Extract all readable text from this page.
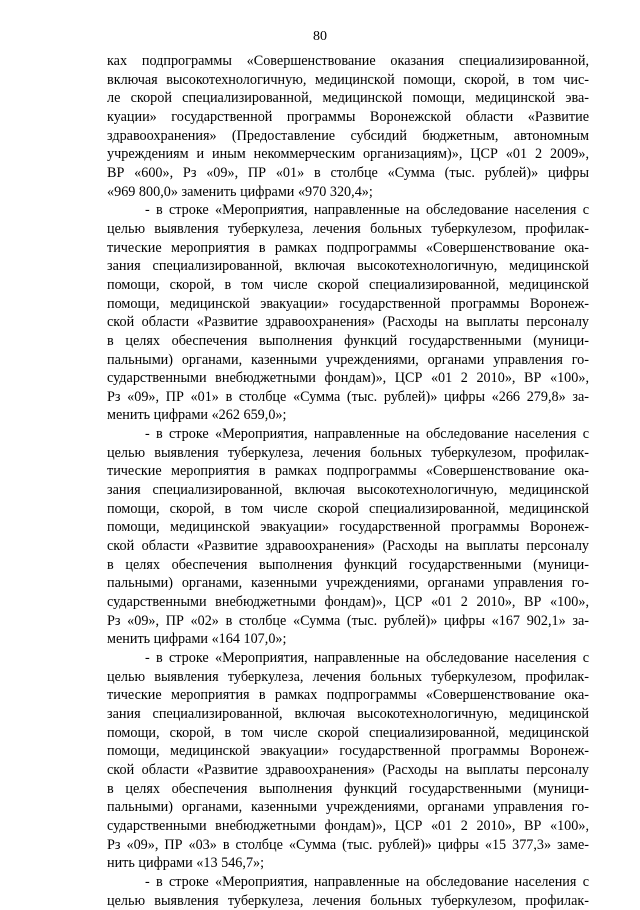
80
ках подпрограммы «Совершенствование оказания специализированной,
включая высокотехнологичную, медицинской помощи, скорой, в том чис-
ле скорой специализированной, медицинской помощи, медицинской эва-
куации» государственной программы Воронежской области «Развитие
здравоохранения» (Предоставление субсидий бюджетным, автономным
учреждениям и иным некоммерческим организациям)», ЦСР «01 2 2009»,
ВР «600», Рз «09», ПР «01» в столбце «Сумма (тыс. рублей)» цифры
«969 800,0» заменить цифрами «970 320,4»;
- в строке «Мероприятия, направленные на обследование населения с
целью выявления туберкулеза, лечения больных туберкулезом, профилак-
тические мероприятия в рамках подпрограммы «Совершенствование ока-
зания специализированной, включая высокотехнологичную, медицинской
помощи, скорой, в том числе скорой специализированной, медицинской
помощи, медицинской эвакуации» государственной программы Воронеж-
ской области «Развитие здравоохранения» (Расходы на выплаты персоналу
в целях обеспечения выполнения функций государственными (муници-
пальными) органами, казенными учреждениями, органами управления го-
сударственными внебюджетными фондам)», ЦСР «01 2 2010», ВР «100»,
Рз «09», ПР «01» в столбце «Сумма (тыс. рублей)» цифры «266 279,8» за-
менить цифрами «262 659,0»;
- в строке «Мероприятия, направленные на обследование населения с
целью выявления туберкулеза, лечения больных туберкулезом, профилак-
тические мероприятия в рамках подпрограммы «Совершенствование ока-
зания специализированной, включая высокотехнологичную, медицинской
помощи, скорой, в том числе скорой специализированной, медицинской
помощи, медицинской эвакуации» государственной программы Воронеж-
ской области «Развитие здравоохранения» (Расходы на выплаты персоналу
в целях обеспечения выполнения функций государственными (муници-
пальными) органами, казенными учреждениями, органами управления го-
сударственными внебюджетными фондам)», ЦСР «01 2 2010», ВР «100»,
Рз «09», ПР «02» в столбце «Сумма (тыс. рублей)» цифры «167 902,1» за-
менить цифрами «164 107,0»;
- в строке «Мероприятия, направленные на обследование населения с
целью выявления туберкулеза, лечения больных туберкулезом, профилак-
тические мероприятия в рамках подпрограммы «Совершенствование ока-
зания специализированной, включая высокотехнологичную, медицинской
помощи, скорой, в том числе скорой специализированной, медицинской
помощи, медицинской эвакуации» государственной программы Воронеж-
ской области «Развитие здравоохранения» (Расходы на выплаты персоналу
в целях обеспечения выполнения функций государственными (муници-
пальными) органами, казенными учреждениями, органами управления го-
сударственными внебюджетными фондам)», ЦСР «01 2 2010», ВР «100»,
Рз «09», ПР «03» в столбце «Сумма (тыс. рублей)» цифры «15 377,3» заме-
нить цифрами «13 546,7»;
- в строке «Мероприятия, направленные на обследование населения с
целью выявления туберкулеза, лечения больных туберкулезом, профилак-
